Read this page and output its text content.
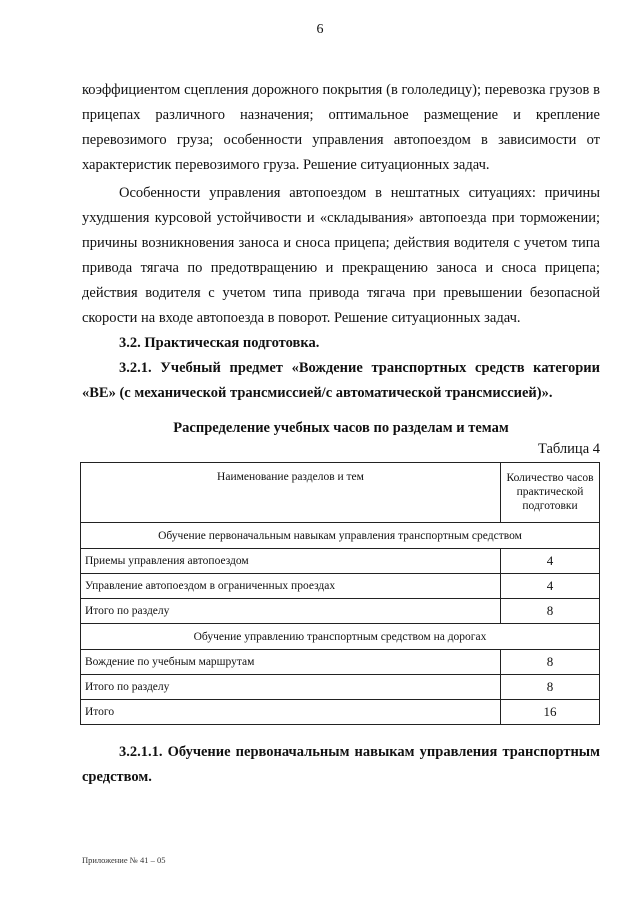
6

коэффициентом сцепления дорожного покрытия (в гололедицу); перевозка грузов в прицепах различного назначения; оптимальное размещение и крепление перевозимого груза; особенности управления автопоездом в зависимости от характеристик перевозимого груза. Решение ситуационных задач.

Особенности управления автопоездом в нештатных ситуациях: причины ухудшения курсовой устойчивости и «складывания» автопоезда при торможении; причины возникновения заноса и сноса прицепа; действия водителя с учетом типа привода тягача по предотвращению и прекращению заноса и сноса прицепа; действия водителя с учетом типа привода тягача при превышении безопасной скорости на входе автопоезда в поворот. Решение ситуационных задач.

3.2. Практическая подготовка.
3.2.1. Учебный предмет «Вождение транспортных средств категории «BE» (с механической трансмиссией/с автоматической трансмиссией)».
Распределение учебных часов по разделам и темам
Таблица 4
Наименование разделов и тем	Количество часов практической подготовки
Обучение первоначальным навыкам управления транспортным средством	
Приемы управления автопоездом	4
Управление автопоездом в ограниченных проездах	4
Итого по разделу	8
Обучение управлению транспортным средством на дорогах	
Вождение по учебным маршрутам	8
Итого по разделу	8
Итого	16
3.2.1.1. Обучение первоначальным навыкам управления транспортным средством.
Приложение № 41 – 05
